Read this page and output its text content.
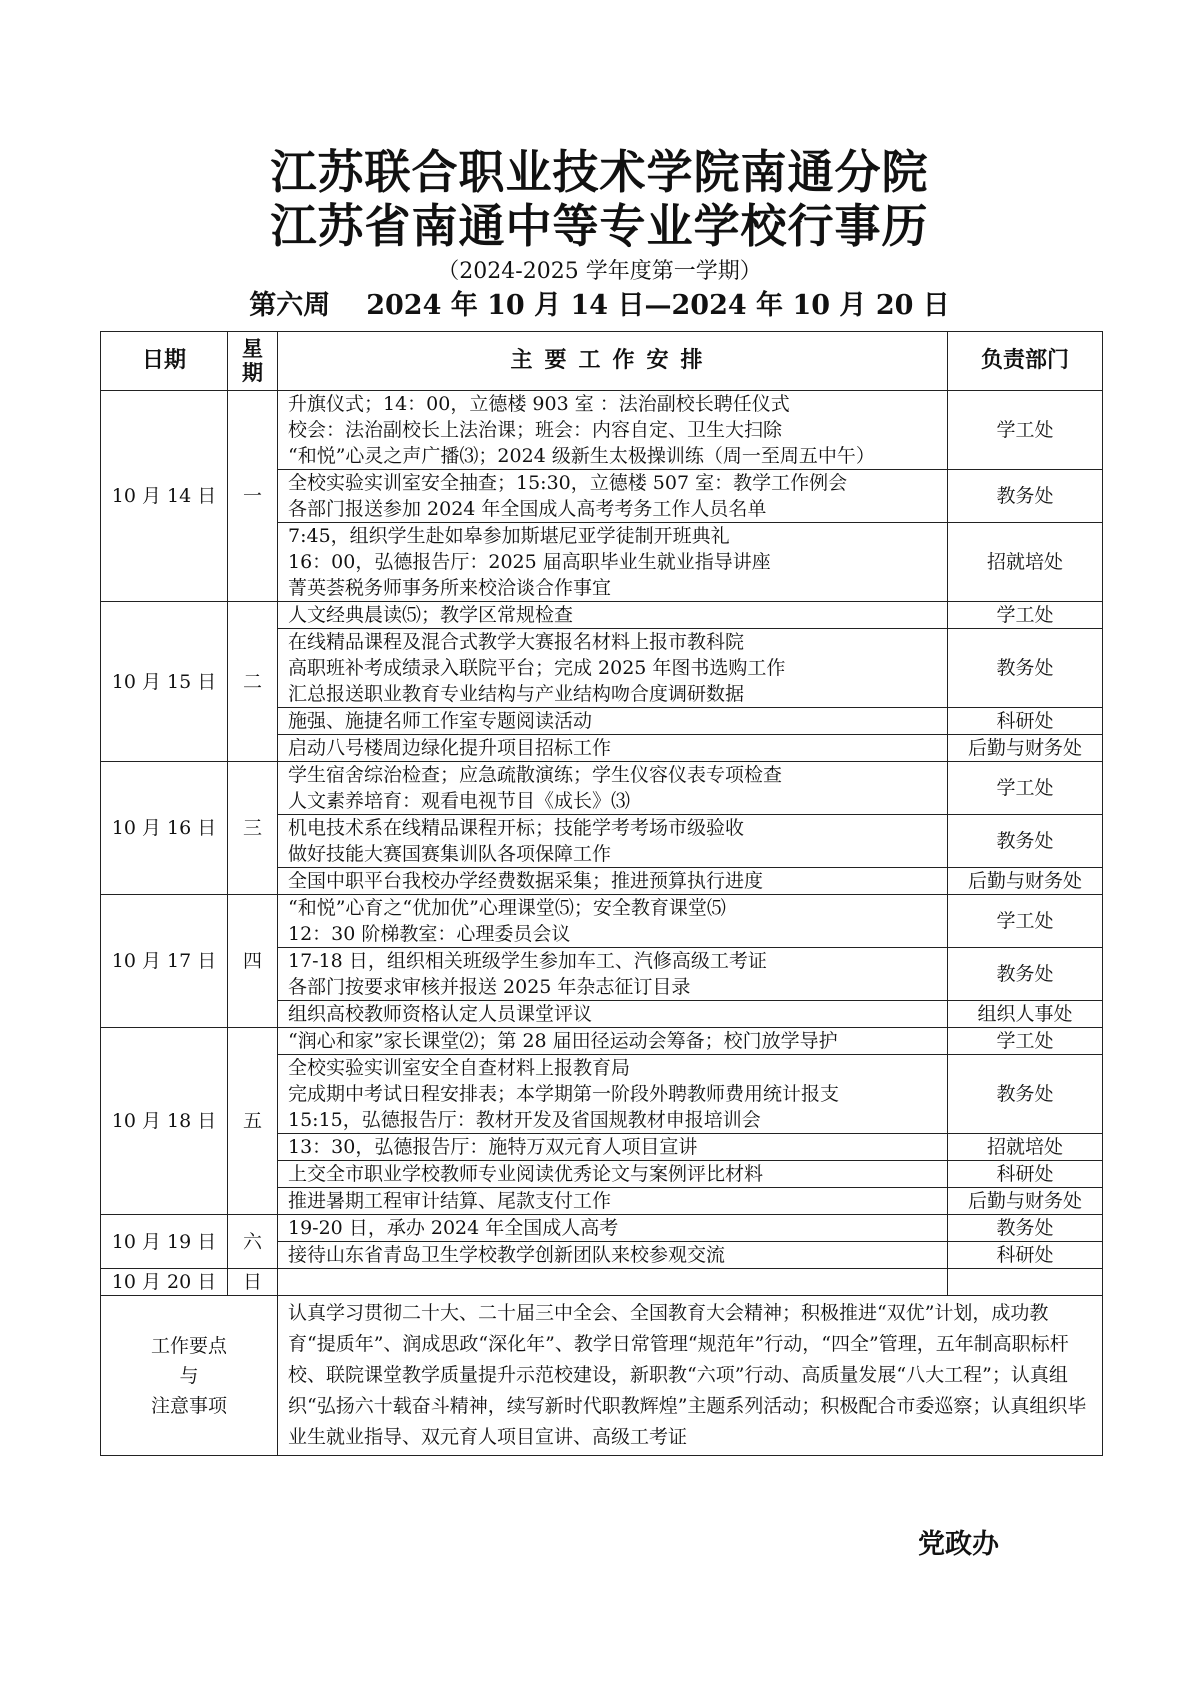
江苏联合职业技术学院南通分院
江苏省南通中等专业学校行事历
（2024-2025 学年度第一学期）
第六周 2024 年 10 月 14 日—2024 年 10 月 20 日
日期	星期	主要工作安排	负责部门
10 月 14 日	一	升旗仪式；14：00，立德楼 903 室 ：法治副校长聘任仪式
校会：法治副校长上法治课；班会：内容自定、卫生大扫除
“和悦”心灵之声广播⑶；2024 级新生太极操训练（周一至周五中午）	学工处

		全校实验实训室安全抽查；15:30，立德楼 507 室：教学工作例会
各部门报送参加 2024 年全国成人高考考务工作人员名单	教务处

		7:45，组织学生赴如皋参加斯堪尼亚学徒制开班典礼
16：00，弘德报告厅：2025 届高职毕业生就业指导讲座
菁英荟税务师事务所来校洽谈合作事宜	招就培处
10 月 15 日	二	人文经典晨读⑸；教学区常规检查	学工处

		在线精品课程及混合式教学大赛报名材料上报市教科院
高职班补考成绩录入联院平台；完成 2025 年图书选购工作
汇总报送职业教育专业结构与产业结构吻合度调研数据	教务处

		施强、施捷名师工作室专题阅读活动	科研处

		启动八号楼周边绿化提升项目招标工作	后勤与财务处
10 月 16 日	三	学生宿舍综治检查；应急疏散演练；学生仪容仪表专项检查
人文素养培育：观看电视节目《成长》⑶	学工处

		机电技术系在线精品课程开标；技能学考考场市级验收
做好技能大赛国赛集训队各项保障工作	教务处

		全国中职平台我校办学经费数据采集；推进预算执行进度	后勤与财务处
10 月 17 日	四	“和悦”心育之“优加优”心理课堂⑸；安全教育课堂⑸
12：30 阶梯教室：心理委员会议	学工处

		17-18 日，组织相关班级学生参加车工、汽修高级工考证
各部门按要求审核并报送 2025 年杂志征订目录	教务处

		组织高校教师资格认定人员课堂评议	组织人事处
10 月 18 日	五	“润心和家”家长课堂⑵；第 28 届田径运动会筹备；校门放学导护	学工处

		全校实验实训室安全自查材料上报教育局
完成期中考试日程安排表；本学期第一阶段外聘教师费用统计报支
15:15，弘德报告厅：教材开发及省国规教材申报培训会	教务处

		13：30，弘德报告厅：施特万双元育人项目宣讲	招就培处

		上交全市职业学校教师专业阅读优秀论文与案例评比材料	科研处

		推进暑期工程审计结算、尾款支付工作	后勤与财务处
10 月 19 日	六	19-20 日，承办 2024 年全国成人高考	教务处

		接待山东省青岛卫生学校教学创新团队来校参观交流	科研处
10 月 20 日	日	

工作要点
与
注意事项		认真学习贯彻二十大、二十届三中全会、全国教育大会精神；积极推进“双优”计划，成功教育“提质年”、润成思政“深化年”、教学日常管理“规范年”行动，“四全”管理，五年制高职标杆校、联院课堂教学质量提升示范校建设，新职教“六项”行动、高质量发展“八大工程”；认真组织“弘扬六十载奋斗精神，续写新时代职教辉煌”主题系列活动；积极配合市委巡察；认真组织毕业生就业指导、双元育人项目宣讲、高级工考证	
党政办
